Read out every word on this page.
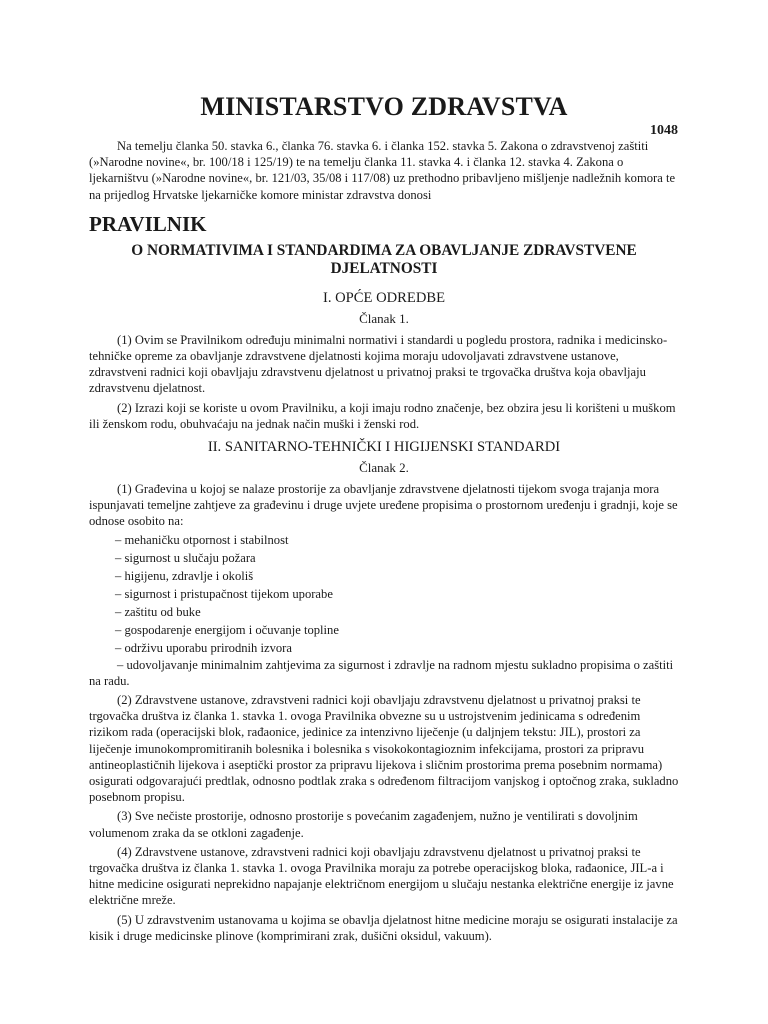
MINISTARSTVO ZDRAVSTVA
1048

Na temelju članka 50. stavka 6., članka 76. stavka 6. i članka 152. stavka 5. Zakona o zdravstvenoj zaštiti (»Narodne novine«, br. 100/18 i 125/19) te na temelju članka 11. stavka 4. i članka 12. stavka 4. Zakona o ljekarništvu (»Narodne novine«, br. 121/03, 35/08 i 117/08) uz prethodno pribavljeno mišljenje nadležnih komora te na prijedlog Hrvatske ljekarničke komore ministar zdravstva donosi

PRAVILNIK

O NORMATIVIMA I STANDARDIMA ZA OBAVLJANJE ZDRAVSTVENE
DJELATNOSTI

I. OPĆE ODREDBE

Članak 1.

(1) Ovim se Pravilnikom određuju minimalni normativi i standardi u pogledu prostora, radnika i medicinsko-tehničke opreme za obavljanje zdravstvene djelatnosti kojima moraju udovoljavati zdravstvene ustanove, zdravstveni radnici koji obavljaju zdravstvenu djelatnost u privatnoj praksi te trgovačka društva koja obavljaju zdravstvenu djelatnost.

(2) Izrazi koji se koriste u ovom Pravilniku, a koji imaju rodno značenje, bez obzira jesu li korišteni u muškom ili ženskom rodu, obuhvaćaju na jednak način muški i ženski rod.

II. SANITARNO-TEHNIČKI I HIGIJENSKI STANDARDI

Članak 2.

(1) Građevina u kojoj se nalaze prostorije za obavljanje zdravstvene djelatnosti tijekom svoga trajanja mora ispunjavati temeljne zahtjeve za građevinu i druge uvjete uređene propisima o prostornom uređenju i gradnji, koje se odnose osobito na:

– mehaničku otpornost i stabilnost
– sigurnost u slučaju požara
– higijenu, zdravlje i okoliš
– sigurnost i pristupačnost tijekom uporabe
– zaštitu od buke
– gospodarenje energijom i očuvanje topline
– održivu uporabu prirodnih izvora

– udovoljavanje minimalnim zahtjevima za sigurnost i zdravlje na radnom mjestu sukladno propisima o zaštiti na radu.

(2) Zdravstvene ustanove, zdravstveni radnici koji obavljaju zdravstvenu djelatnost u privatnoj praksi te trgovačka društva iz članka 1. stavka 1. ovoga Pravilnika obvezne su u ustrojstvenim jedinicama s određenim rizikom rada (operacijski blok, rađaonice, jedinice za intenzivno liječenje (u daljnjem tekstu: JIL), prostori za liječenje imunokompromitiranih bolesnika i bolesnika s visokokontagioznim infekcijama, prostori za pripravu antineoplastičnih lijekova i aseptički prostor za pripravu lijekova i sličnim prostorima prema posebnim normama) osigurati odgovarajući predtlak, odnosno podtlak zraka s određenom filtracijom vanjskog i optočnog zraka, sukladno posebnom propisu.

(3) Sve nečiste prostorije, odnosno prostorije s povećanim zagađenjem, nužno je ventilirati s dovoljnim volumenom zraka da se otkloni zagađenje.

(4) Zdravstvene ustanove, zdravstveni radnici koji obavljaju zdravstvenu djelatnost u privatnoj praksi te trgovačka društva iz članka 1. stavka 1. ovoga Pravilnika moraju za potrebe operacijskog bloka, rađaonice, JIL-a i hitne medicine osigurati neprekidno napajanje električnom energijom u slučaju nestanka električne energije iz javne električne mreže.

(5) U zdravstvenim ustanovama u kojima se obavlja djelatnost hitne medicine moraju se osigurati instalacije za kisik i druge medicinske plinove (komprimirani zrak, dušični oksidul, vakuum).
